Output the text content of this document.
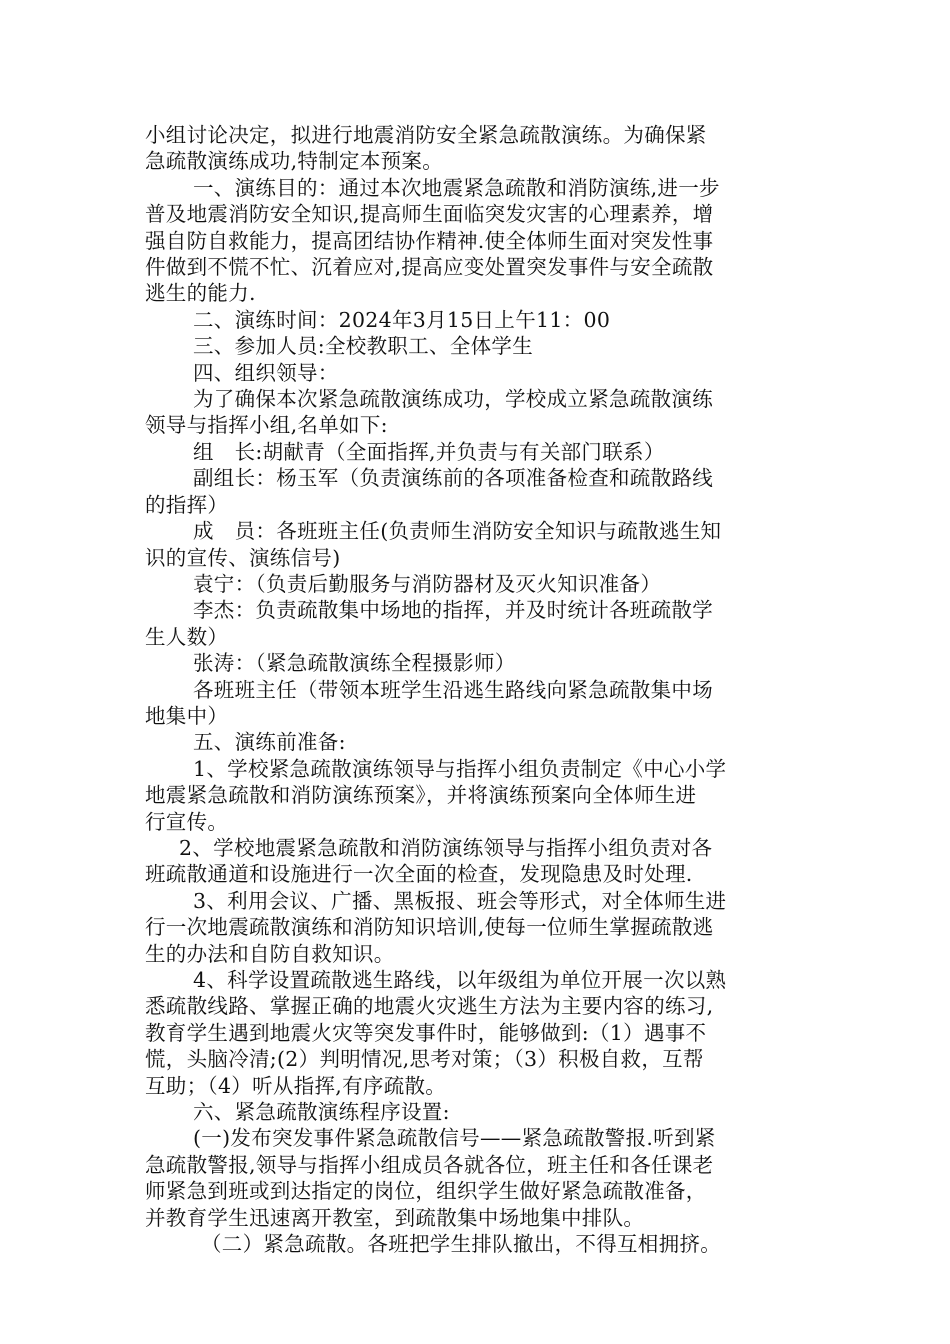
小组讨论决定，拟进行地震消防安全紧急疏散演练。为确保紧

急疏散演练成功,特制定本预案。

一、演练目的：通过本次地震紧急疏散和消防演练,进一步

普及地震消防安全知识,提高师生面临突发灾害的心理素养，增

强自防自救能力，提高团结协作精神.使全体师生面对突发性事

件做到不慌不忙、沉着应对,提高应变处置突发事件与安全疏散

逃生的能力.

二、演练时间：2024年3月15日上午11：00

三、参加人员:全校教职工、全体学生

四、组织领导：

为了确保本次紧急疏散演练成功，学校成立紧急疏散演练

领导与指挥小组,名单如下:

组　长:胡献青（全面指挥,并负责与有关部门联系）

副组长：杨玉军（负责演练前的各项准备检查和疏散路线

的指挥）

成　员：各班班主任(负责师生消防安全知识与疏散逃生知

识的宣传、演练信号)

袁宁：（负责后勤服务与消防器材及灭火知识准备）

李杰：负责疏散集中场地的指挥，并及时统计各班疏散学

生人数）

张涛：（紧急疏散演练全程摄影师）

各班班主任（带领本班学生沿逃生路线向紧急疏散集中场

地集中）

五、演练前准备:

1、学校紧急疏散演练领导与指挥小组负责制定《中心小学

地震紧急疏散和消防演练预案》，并将演练预案向全体师生进

行宣传。

2、学校地震紧急疏散和消防演练领导与指挥小组负责对各

班疏散通道和设施进行一次全面的检查，发现隐患及时处理.

3、利用会议、广播、黑板报、班会等形式，对全体师生进

行一次地震疏散演练和消防知识培训,使每一位师生掌握疏散逃

生的办法和自防自救知识。

4、科学设置疏散逃生路线，以年级组为单位开展一次以熟

悉疏散线路、掌握正确的地震火灾逃生方法为主要内容的练习,

教育学生遇到地震火灾等突发事件时，能够做到:（1）遇事不

慌，头脑冷清;(2）判明情况,思考对策；（3）积极自救，互帮

互助；（4）听从指挥,有序疏散。

六、紧急疏散演练程序设置:

(一)发布突发事件紧急疏散信号——紧急疏散警报.听到紧

急疏散警报,领导与指挥小组成员各就各位，班主任和各任课老

师紧急到班或到达指定的岗位，组织学生做好紧急疏散准备，

并教育学生迅速离开教室，到疏散集中场地集中排队。

（二）紧急疏散。各班把学生排队撤出，不得互相拥挤。
